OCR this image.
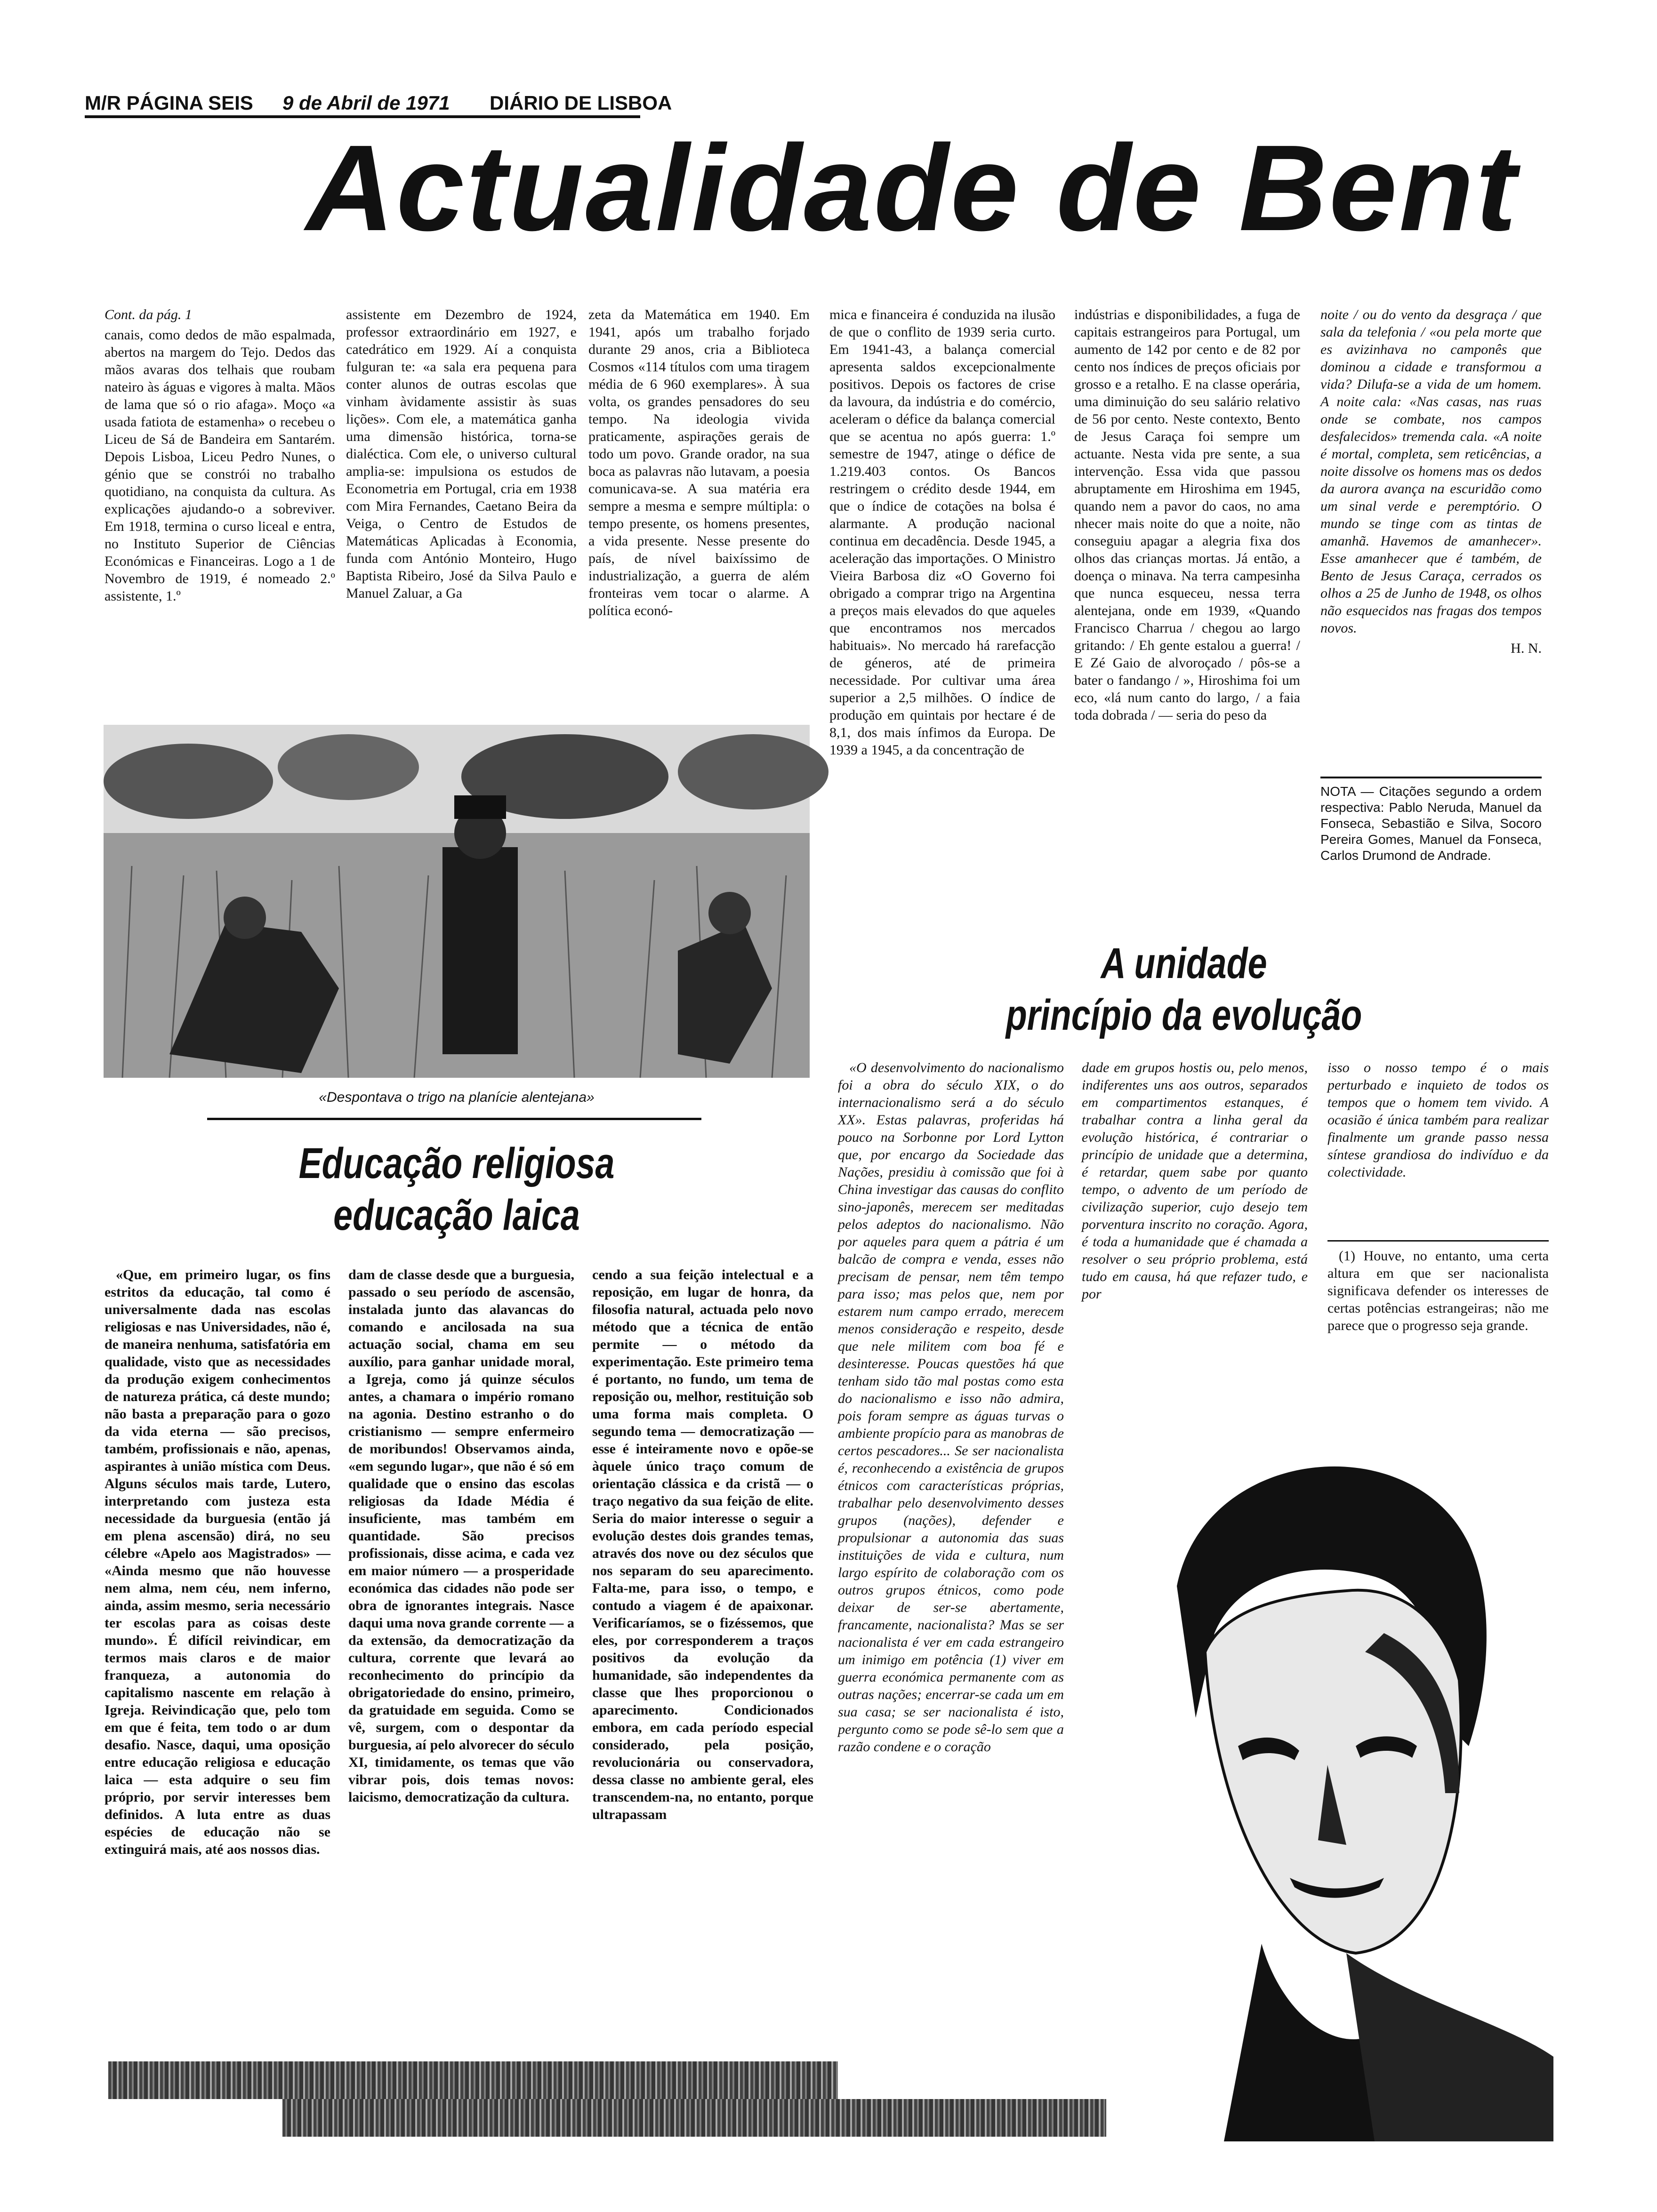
M/R PÁGINA SEIS 9 de Abril de 1971 DIÁRIO DE LISBOA
Actualidade de Bent

Cont. da pág. 1

canais, como dedos de mão espalmada, abertos na margem do Tejo. Dedos das mãos avaras dos telhais que roubam nateiro às águas e vigores à malta. Mãos de lama que só o rio afaga». Moço «a usada fatiota de estamenha» o recebeu o Liceu de Sá de Bandeira em Santarém. Depois Lisboa, Liceu Pedro Nunes, o génio que se constrói no trabalho quotidiano, na conquista da cultura. As explicações ajudando-o a sobreviver. Em 1918, termina o curso liceal e entra, no Instituto Superior de Ciências Económicas e Financeiras. Logo a 1 de Novembro de 1919, é nomeado 2.º assistente, 1.º

assistente em Dezembro de 1924, professor extraordinário em 1927, e catedrático em 1929. Aí a conquista fulguran te: «a sala era pequena para conter alunos de outras escolas que vinham àvidamente assistir às suas lições». Com ele, a matemática ganha uma dimensão histórica, torna-se dialéctica. Com ele, o universo cultural amplia-se: impulsiona os estudos de Econometria em Portugal, cria em 1938 com Mira Fernandes, Caetano Beira da Veiga, o Centro de Estudos de Matemáticas Aplicadas à Economia, funda com António Monteiro, Hugo Baptista Ribeiro, José da Silva Paulo e Manuel Zaluar, a Ga

zeta da Matemática em 1940. Em 1941, após um trabalho forjado durante 29 anos, cria a Biblioteca Cosmos «114 títulos com uma tiragem média de 6 960 exemplares». À sua volta, os grandes pensadores do seu tempo. Na ideologia vivida praticamente, aspirações gerais de todo um povo. Grande orador, na sua boca as palavras não lutavam, a poesia comunicava-se. A sua matéria era sempre a mesma e sempre múltipla: o tempo presente, os homens presentes, a vida presente. Nesse presente do país, de nível baixíssimo de industrialização, a guerra de além fronteiras vem tocar o alarme. A política econó-

mica e financeira é conduzida na ilusão de que o conflito de 1939 seria curto. Em 1941-43, a balança comercial apresenta saldos excepcionalmente positivos. Depois os factores de crise da lavoura, da indústria e do comércio, aceleram o défice da balança comercial que se acentua no após guerra: 1.º semestre de 1947, atinge o défice de 1.219.403 contos. Os Bancos restringem o crédito desde 1944, em que o índice de cotações na bolsa é alarmante. A produção nacional continua em decadência. Desde 1945, a aceleração das importações. O Ministro Vieira Barbosa diz «O Governo foi obrigado a comprar trigo na Argentina a preços mais elevados do que aqueles que encontramos nos mercados habituais». No mercado há rarefacção de géneros, até de primeira necessidade. Por cultivar uma área superior a 2,5 milhões. O índice de produção em quintais por hectare é de 8,1, dos mais ínfimos da Europa. De 1939 a 1945, a da concentração de

indústrias e disponibilidades, a fuga de capitais estrangeiros para Portugal, um aumento de 142 por cento e de 82 por cento nos índices de preços oficiais por grosso e a retalho. E na classe operária, uma diminuição do seu salário relativo de 56 por cento. Neste contexto, Bento de Jesus Caraça foi sempre um actuante. Nesta vida pre sente, a sua intervenção. Essa vida que passou abruptamente em Hiroshima em 1945, quando nem a pavor do caos, no ama nhecer mais noite do que a noite, não conseguiu apagar a alegria fixa dos olhos das crianças mortas. Já então, a doença o minava. Na terra campesinha que nunca esqueceu, nessa terra alentejana, onde em 1939, «Quando Francisco Charrua / chegou ao largo gritando: / Eh gente estalou a guerra! / E Zé Gaio de alvoroçado / pôs-se a bater o fandango / », Hiroshima foi um eco, «lá num canto do largo, / a faia toda dobrada / — seria do peso da

noite / ou do vento da desgraça / que sala da telefonia / «ou pela morte que es avizinhava no camponês que dominou a cidade e transformou a vida? Dilufa-se a vida de um homem. A noite cala: «Nas casas, nas ruas onde se combate, nos campos desfalecidos» tremenda cala. «A noite é mortal, completa, sem reticências, a noite dissolve os homens mas os dedos da aurora avança na escuridão como um sinal verde e peremptório. O mundo se tinge com as tintas de amanhã. Havemos de amanhecer». Esse amanhecer que é também, de Bento de Jesus Caraça, cerrados os olhos a 25 de Junho de 1948, os olhos não esquecidos nas fragas dos tempos novos.

H. N.

NOTA — Citações segundo a ordem respectiva: Pablo Neruda, Manuel da Fonseca, Sebastião e Silva, Socoro Pereira Gomes, Manuel da Fonseca, Carlos Drumond de Andrade.

«Despontava o trigo na planície alentejana»
Educação religiosa
educação laica

«Que, em primeiro lugar, os fins estritos da educação, tal como é universalmente dada nas escolas religiosas e nas Universidades, não é, de maneira nenhuma, satisfatória em qualidade, visto que as necessidades da produção exigem conhecimentos de natureza prática, cá deste mundo; não basta a preparação para o gozo da vida eterna — são precisos, também, profissionais e não, apenas, aspirantes à união mística com Deus. Alguns séculos mais tarde, Lutero, interpretando com justeza esta necessidade da burguesia (então já em plena ascensão) dirá, no seu célebre «Apelo aos Magistrados» — «Ainda mesmo que não houvesse nem alma, nem céu, nem inferno, ainda, assim mesmo, seria necessário ter escolas para as coisas deste mundo». É difícil reivindicar, em termos mais claros e de maior franqueza, a autonomia do capitalismo nascente em relação à Igreja. Reivindicação que, pelo tom em que é feita, tem todo o ar dum desafio. Nasce, daqui, uma oposição entre educação religiosa e educação laica — esta adquire o seu fim próprio, por servir interesses bem definidos. A luta entre as duas espécies de educação não se extinguirá mais, até aos nossos dias.

dam de classe desde que a burguesia, passado o seu período de ascensão, instalada junto das alavancas do comando e ancilosada na sua actuação social, chama em seu auxílio, para ganhar unidade moral, a Igreja, como já quinze séculos antes, a chamara o império romano na agonia. Destino estranho o do cristianismo — sempre enfermeiro de moribundos! Observamos ainda, «em segundo lugar», que não é só em qualidade que o ensino das escolas religiosas da Idade Média é insuficiente, mas também em quantidade. São precisos profissionais, disse acima, e cada vez em maior número — a prosperidade económica das cidades não pode ser obra de ignorantes integrais. Nasce daqui uma nova grande corrente — a da extensão, da democratização da cultura, corrente que levará ao reconhecimento do princípio da obrigatoriedade do ensino, primeiro, da gratuidade em seguida. Como se vê, surgem, com o despontar da burguesia, aí pelo alvorecer do século XI, timidamente, os temas que vão vibrar pois, dois temas novos: laicismo, democratização da cultura.

cendo a sua feição intelectual e a reposição, em lugar de honra, da filosofia natural, actuada pelo novo método que a técnica de então permite — o método da experimentação. Este primeiro tema é portanto, no fundo, um tema de reposição ou, melhor, restituição sob uma forma mais completa. O segundo tema — democratização — esse é inteiramente novo e opõe-se àquele único traço comum de orientação clássica e da cristã — o traço negativo da sua feição de elite. Seria do maior interesse o seguir a evolução destes dois grandes temas, através dos nove ou dez séculos que nos separam do seu aparecimento. Falta-me, para isso, o tempo, e contudo a viagem é de apaixonar. Verificaríamos, se o fizéssemos, que eles, por corresponderem a traços positivos da evolução da humanidade, são independentes da classe que lhes proporcionou o aparecimento. Condicionados embora, em cada período especial considerado, pela posição, revolucionária ou conservadora, dessa classe no ambiente geral, eles transcendem-na, no entanto, porque ultrapassam

A unidade
princípio da evolução

«O desenvolvimento do nacionalismo foi a obra do século XIX, o do internacionalismo será a do século XX». Estas palavras, proferidas há pouco na Sorbonne por Lord Lytton que, por encargo da Sociedade das Nações, presidiu à comissão que foi à China investigar das causas do conflito sino-japonês, merecem ser meditadas pelos adeptos do nacionalismo. Não por aqueles para quem a pátria é um balcão de compra e venda, esses não precisam de pensar, nem têm tempo para isso; mas pelos que, nem por estarem num campo errado, merecem menos consideração e respeito, desde que nele militem com boa fé e desinteresse. Poucas questões há que tenham sido tão mal postas como esta do nacionalismo e isso não admira, pois foram sempre as águas turvas o ambiente propício para as manobras de certos pescadores... Se ser nacionalista é, reconhecendo a existência de grupos étnicos com características próprias, trabalhar pelo desenvolvimento desses grupos (nações), defender e propulsionar a autonomia das suas instituições de vida e cultura, num largo espírito de colaboração com os outros grupos étnicos, como pode deixar de ser-se abertamente, francamente, nacionalista? Mas se ser nacionalista é ver em cada estrangeiro um inimigo em potência (1) viver em guerra económica permanente com as outras nações; encerrar-se cada um em sua casa; se ser nacionalista é isto, pergunto como se pode sê-lo sem que a razão condene e o coração

dade em grupos hostis ou, pelo menos, indiferentes uns aos outros, separados em compartimentos estanques, é trabalhar contra a linha geral da evolução histórica, é contrariar o princípio de unidade que a determina, é retardar, quem sabe por quanto tempo, o advento de um período de civilização superior, cujo desejo tem porventura inscrito no coração. Agora, é toda a humanidade que é chamada a resolver o seu próprio problema, está tudo em causa, há que refazer tudo, e por

isso o nosso tempo é o mais perturbado e inquieto de todos os tempos que o homem tem vivido. A ocasião é única também para realizar finalmente um grande passo nessa síntese grandiosa do indivíduo e da colectividade.

(1) Houve, no entanto, uma certa altura em que ser nacionalista significava defender os interesses de certas potências estrangeiras; não me parece que o progresso seja grande.
